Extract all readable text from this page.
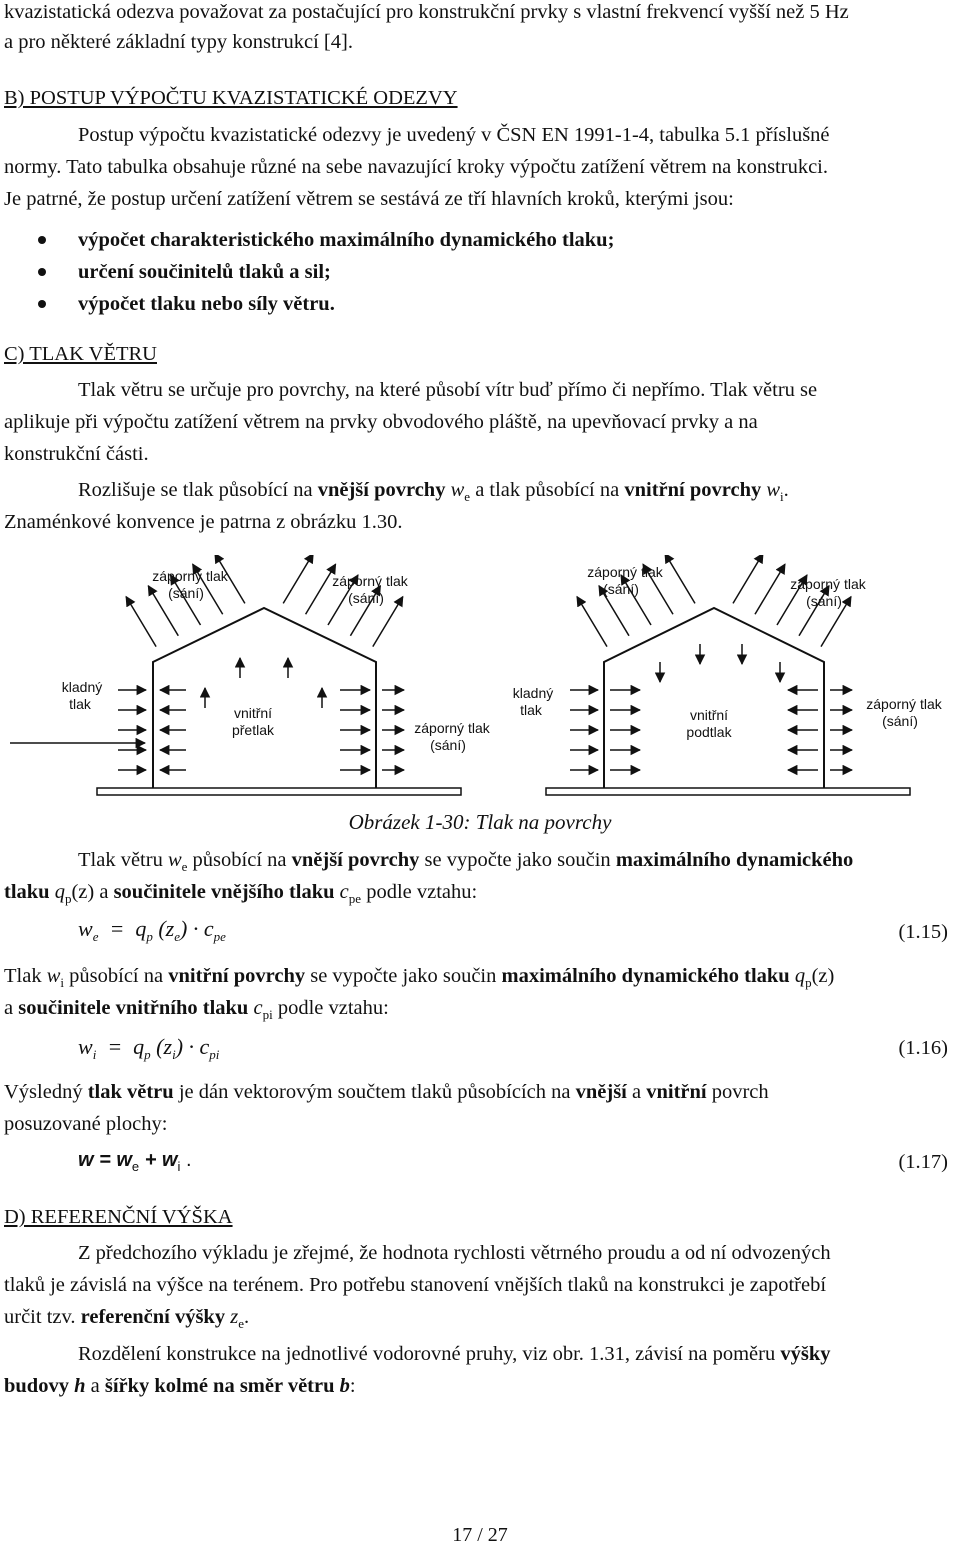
kvazistatická odezva považovat za postačující pro konstrukční prvky s vlastní frekvencí vyšší než 5 Hz
a pro některé základní typy konstrukcí [4].
B) POSTUP VÝPOČTU KVAZISTATICKÉ ODEZVY
Postup výpočtu kvazistatické odezvy je uvedený v ČSN EN 1991-1-4, tabulka 5.1 příslušné
normy. Tato tabulka obsahuje různé na sebe navazující kroky výpočtu zatížení větrem na konstrukci.
Je patrné, že postup určení zatížení větrem se sestává ze tří hlavních kroků, kterými jsou:
výpočet charakteristického maximálního dynamického tlaku;
určení součinitelů tlaků a sil;
výpočet tlaku nebo síly větru.
C) TLAK VĚTRU
Tlak větru se určuje pro povrchy, na které působí vítr buď přímo či nepřímo. Tlak větru se
aplikuje při výpočtu zatížení větrem na prvky obvodového pláště, na upevňovací prvky a na
konstrukční části.
Rozlišuje se tlak působící na vnější povrchy $w_e$ a tlak působící na vnitřní povrchy $w_i$.
Znaménkové konvence je patrna z obrázku 1.30.
záporný tlak
(sání)
záporný tlak
(sání)
kladný
tlak
vnitřní
přetlak	záporný tlak
(sání)
záporný tlak
(sání)	záporný tlak
(sání)
kladný
tlak	vnitřní
podtlak
záporný tlak
(sání)
Obrázek 1-30: Tlak na povrchy
Tlak větru $w_e$ působící na vnější povrchy se vypočte jako součin maximálního dynamického
tlaku $q_p(z)$ a součinitele vnějšího tlaku $c_{pe}$ podle vztahu:
$w_e = q_p$ $(z_e) \cdot c_{pe}$	(1.15)
Tlak $w_i$ působící na vnitřní povrchy se vypočte jako součin maximálního dynamického tlaku $q_p(z)$
a součinitele vnitřního tlaku $c_{pi}$ podle vztahu:
$w_i = q_p$ $(z_i) \cdot c_{pi}$	(1.16)
Výsledný tlak větru je dán vektorovým součtem tlaků působících na vnější a vnitřní povrch
posuzované plochy:
$w = w_e + w_i$ .	(1.17)
D) REFERENČNÍ VÝŠKA
Z předchozího výkladu je zřejmé, že hodnota rychlosti větrného proudu a od ní odvozených
tlaků je závislá na výšce na terénem. Pro potřebu stanovení vnějších tlaků na konstrukci je zapotřebí
určit tzv. referenční výšky $z_e$.
Rozdělení konstrukce na jednotlivé vodorovné pruhy, viz obr. 1.31, závisí na poměru výšky
budovy h a šířky kolmé na směr větru b:
17 / 27
